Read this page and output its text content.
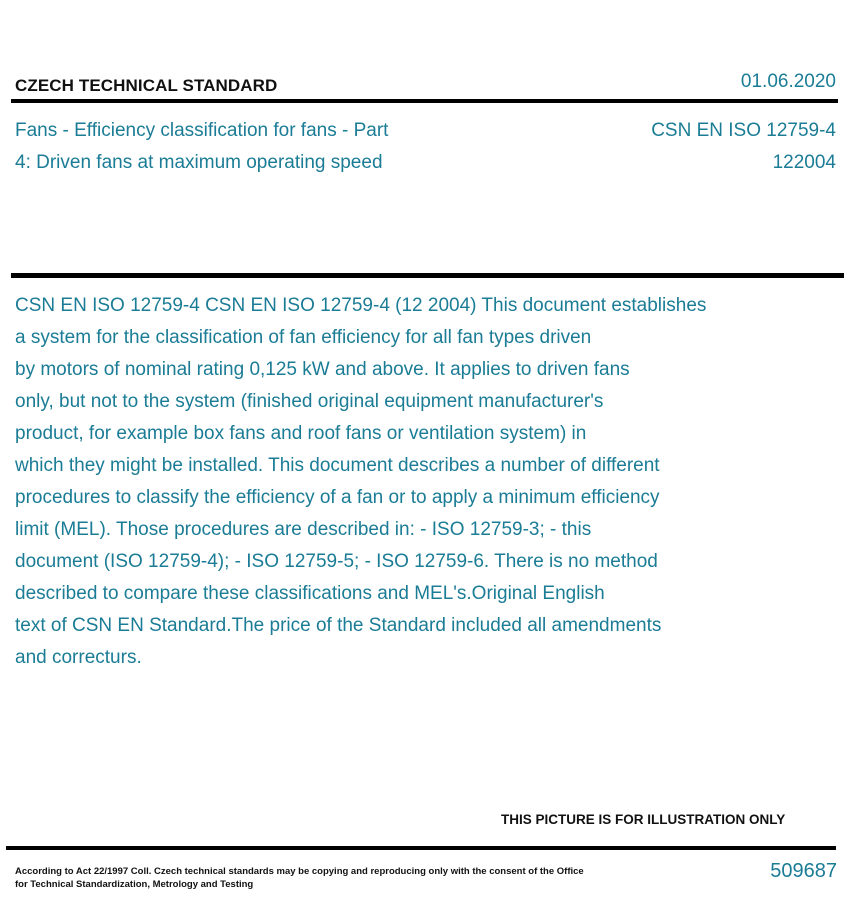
CZECH TECHNICAL STANDARD	01.06.2020
Fans - Efficiency classification for fans - Part
4: Driven fans at maximum operating speed
CSN EN ISO 12759-4
122004
CSN EN ISO 12759-4 CSN EN ISO 12759-4 (12 2004) This document establishes
a system for the classification of fan efficiency for all fan types driven
by motors of nominal rating 0,125 kW and above. It applies to driven fans
only, but not to the system (finished original equipment manufacturer's
product, for example box fans and roof fans or ventilation system) in
which they might be installed. This document describes a number of different
procedures to classify the efficiency of a fan or to apply a minimum efficiency
limit (MEL). Those procedures are described in: - ISO 12759-3; - this
document (ISO 12759-4); - ISO 12759-5; - ISO 12759-6. There is no method
described to compare these classifications and MEL's.Original English
text of CSN EN Standard.The price of the Standard included all amendments
and correcturs.
THIS PICTURE IS FOR ILLUSTRATION ONLY
According to Act 22/1997 Coll. Czech technical standards may be copying and reproducing only with the consent of the Office
for Technical Standardization, Metrology and Testing
509687
